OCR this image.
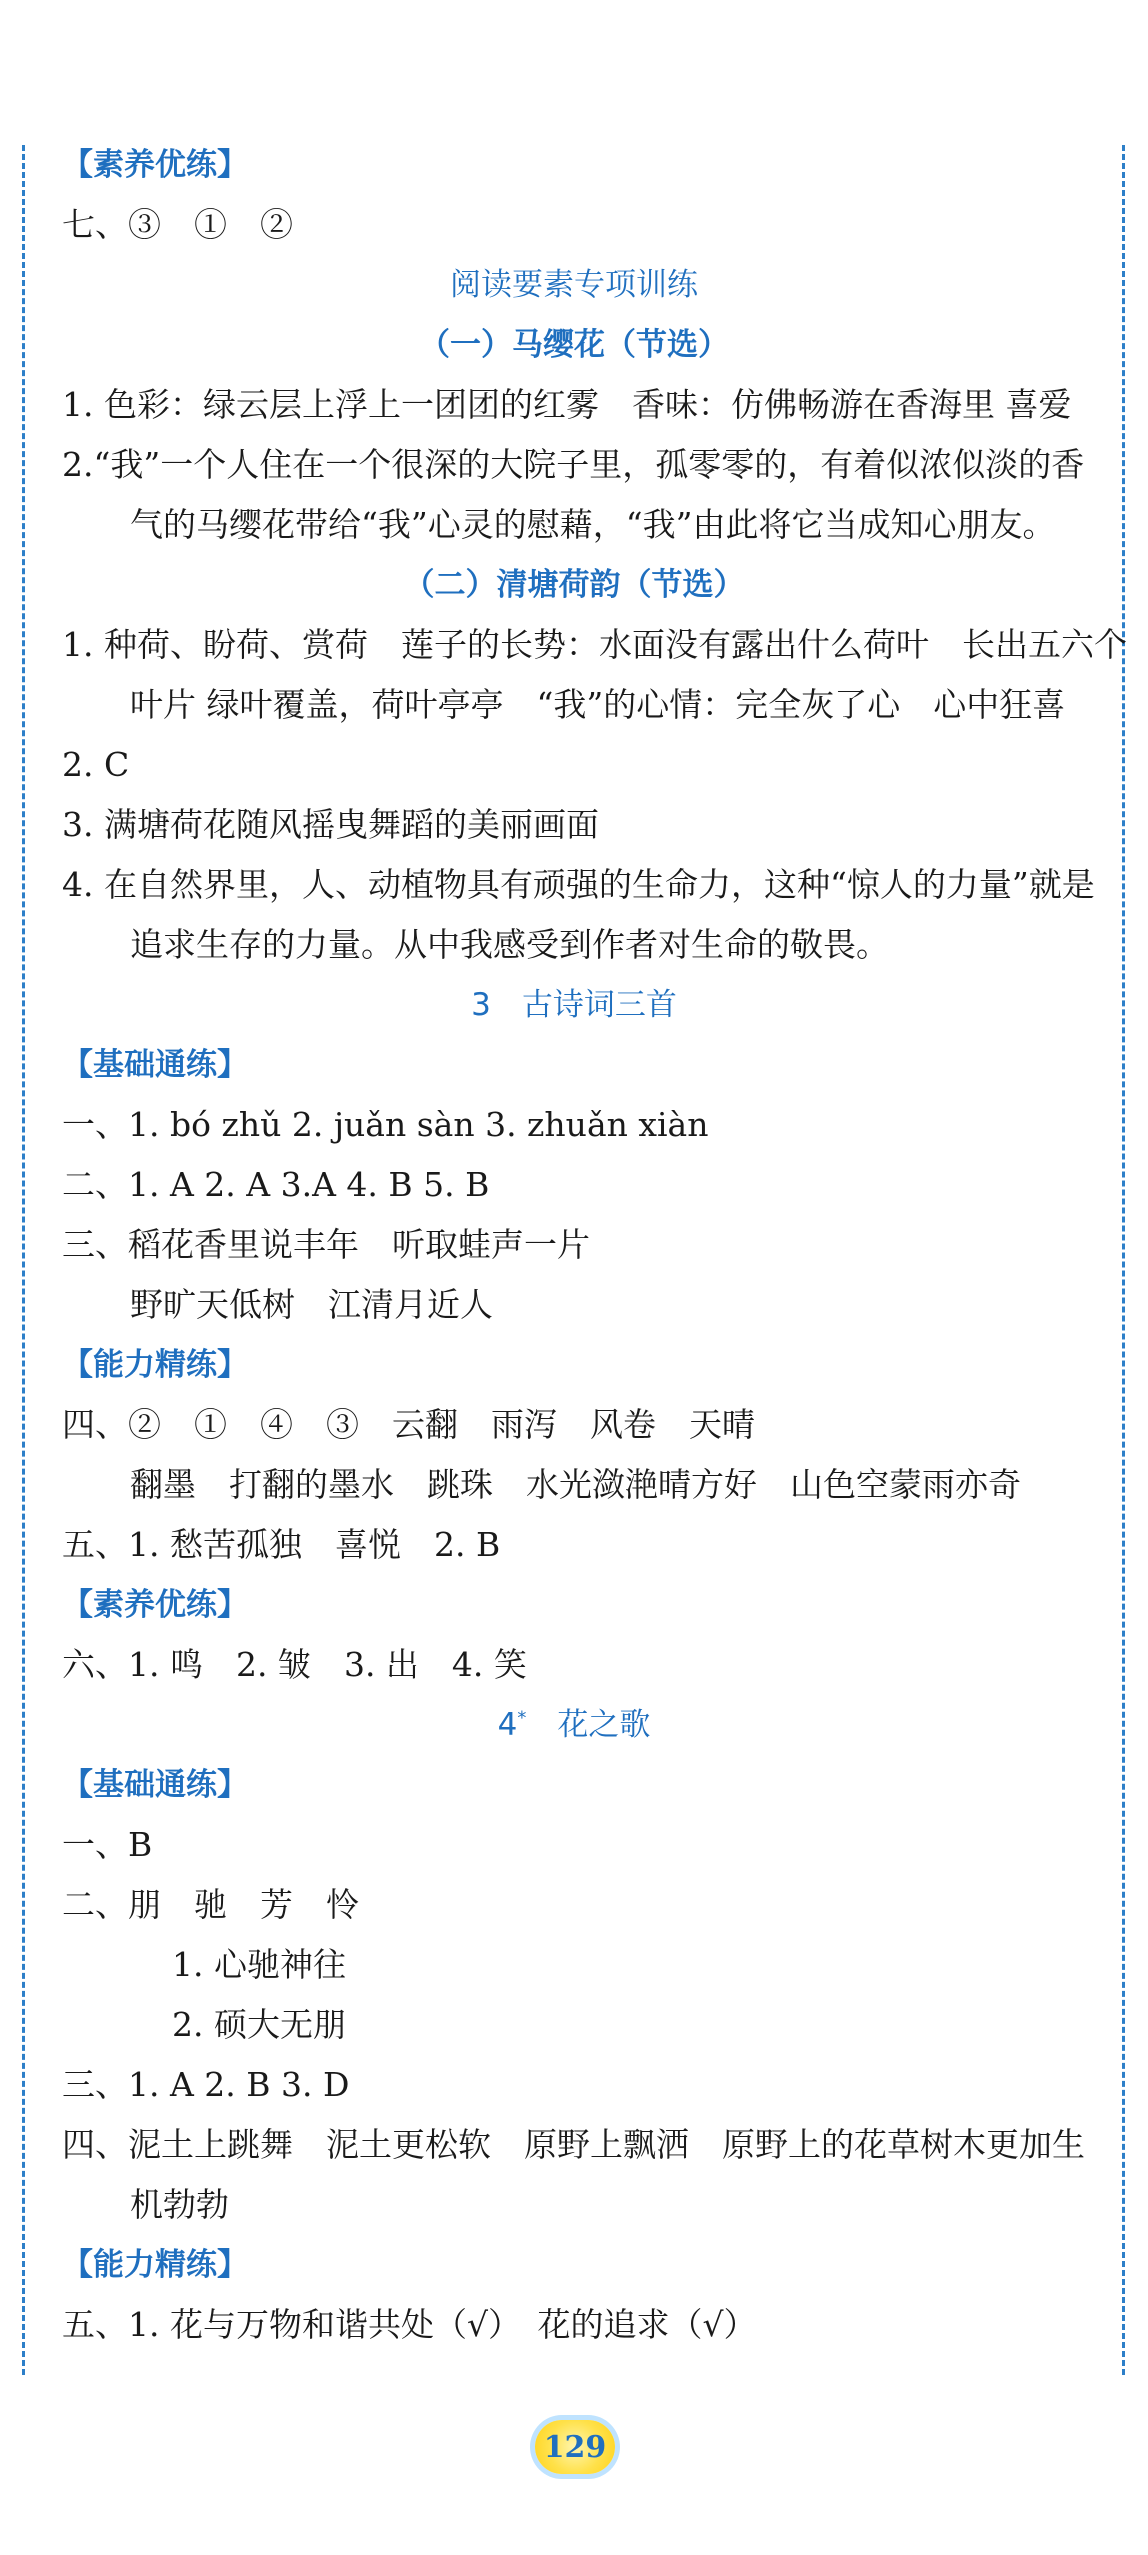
【素养优练】
七、③　①　②
阅读要素专项训练
（一）马缨花（节选）
1. 色彩：绿云层上浮上一团团的红雾　香味：仿佛畅游在香海里 喜爱
2.“我”一个人住在一个很深的大院子里，孤零零的，有着似浓似淡的香
气的马缨花带给“我”心灵的慰藉，“我”由此将它当成知心朋友。
（二）清塘荷韵（节选）
1. 种荷、盼荷、赏荷　莲子的长势：水面没有露出什么荷叶　长出五六个
叶片 绿叶覆盖，荷叶亭亭　“我”的心情：完全灰了心　心中狂喜
2. C
3. 满塘荷花随风摇曳舞蹈的美丽画面
4. 在自然界里，人、动植物具有顽强的生命力，这种“惊人的力量”就是
追求生存的力量。从中我感受到作者对生命的敬畏。
3　古诗词三首
【基础通练】
一、1. bó zhǔ 2. juǎn sàn 3. zhuǎn xiàn
二、1. A 2. A 3.A 4. B 5. B
三、稻花香里说丰年　听取蛙声一片
野旷天低树　江清月近人
【能力精练】
四、②　①　④　③　云翻　雨泻　风卷　天晴
翻墨　打翻的墨水　跳珠　水光潋滟晴方好　山色空蒙雨亦奇
五、1. 愁苦孤独　喜悦　2. B
【素养优练】
六、1. 鸣　2. 皱　3. 出　4. 笑
4*　 花之歌
【基础通练】
一、B
二、朋　驰　芳　怜
1. 心驰神往
2. 硕大无朋
三、1. A 2. B 3. D
四、泥土上跳舞　泥土更松软　原野上飘洒　原野上的花草树木更加生
机勃勃
【能力精练】
五、1. 花与万物和谐共处（√）　花的追求（√）
129
